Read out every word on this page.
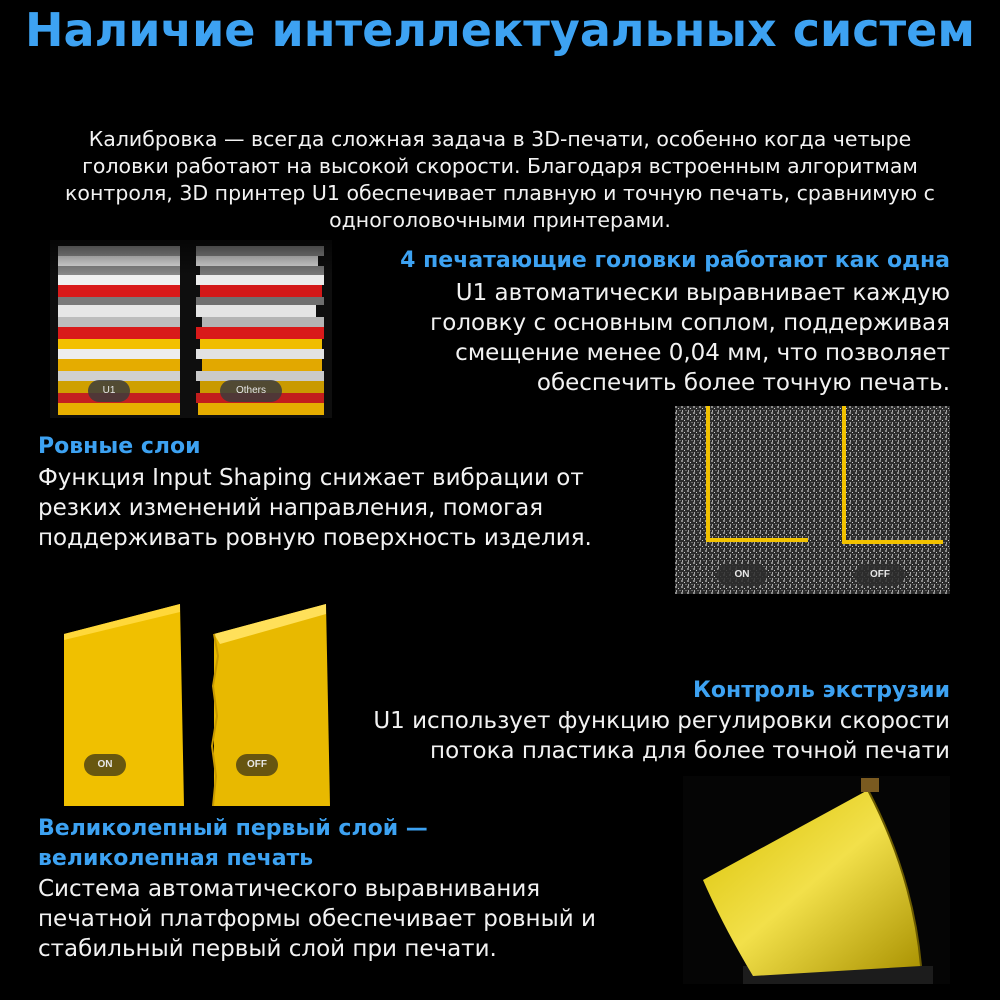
Наличие интеллектуальных систем
Калибровка — всегда сложная задача в 3D-печати, особенно когда четыре головки работают на высокой скорости. Благодаря встроенным алгоритмам контроля, 3D принтер U1 обеспечивает плавную и точную печать, сравнимую с одноголовочными принтерами.
U1	Others
4 печатающие головки работают как одна
U1 автоматически выравнивает каждую головку с основным соплом, поддерживая смещение менее 0,04 мм, что позволяет обеспечить более точную печать.
ON	OFF
Ровные слои
Функция Input Shaping снижает вибрации от резких изменений направления, помогая поддерживать ровную поверхность изделия.
ON	OFF
Контроль экструзии
U1 использует функцию регулировки скорости потока пластика для более точной печати
Великолепный первый слой — великолепная печать
Система автоматического выравнивания печатной платформы обеспечивает ровный и стабильный первый слой при печати.
